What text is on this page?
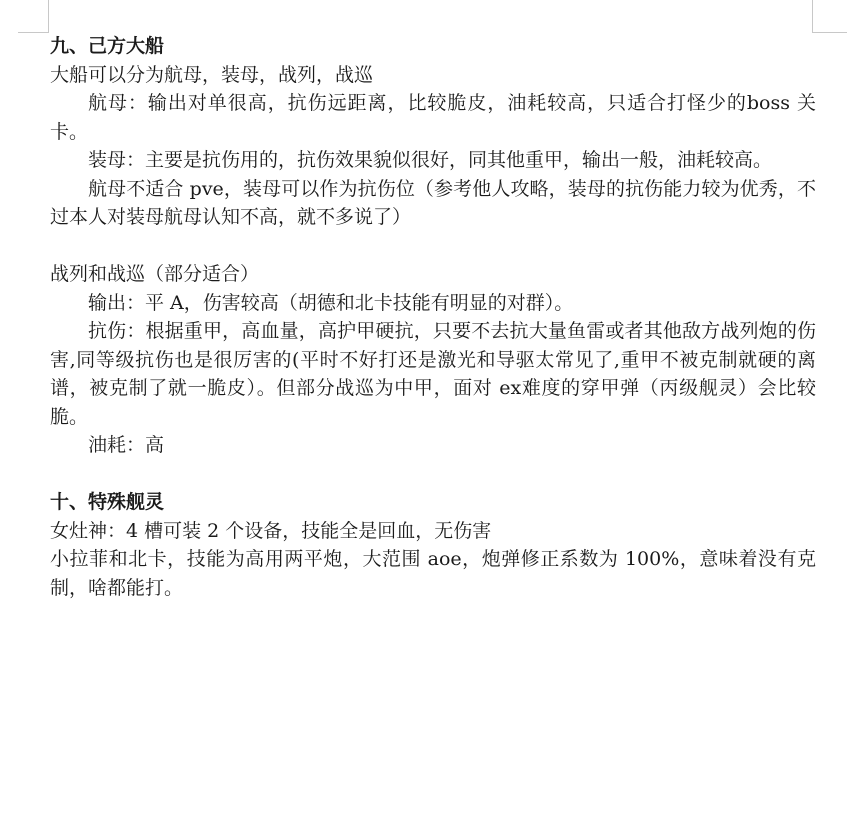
九、己方大船

大船可以分为航母，装母，战列，战巡

航母：输出对单很高，抗伤远距离，比较脆皮，油耗较高，只适合打怪少的boss 关卡。

装母：主要是抗伤用的，抗伤效果貌似很好，同其他重甲，输出一般，油耗较高。

航母不适合 pve，装母可以作为抗伤位（参考他人攻略，装母的抗伤能力较为优秀，不过本人对装母航母认知不高，就不多说了）

战列和战巡（部分适合）

输出：平 A，伤害较高（胡德和北卡技能有明显的对群）。

抗伤：根据重甲，高血量，高护甲硬抗，只要不去抗大量鱼雷或者其他敌方战列炮的伤害,同等级抗伤也是很厉害的(平时不好打还是激光和导驱太常见了,重甲不被克制就硬的离谱，被克制了就一脆皮）。但部分战巡为中甲，面对 ex难度的穿甲弹（丙级舰灵）会比较脆。

油耗：高

十、特殊舰灵

女灶神：4 槽可装 2 个设备，技能全是回血，无伤害

小拉菲和北卡，技能为高用两平炮，大范围 aoe，炮弹修正系数为 100%，意味着没有克制，啥都能打。
